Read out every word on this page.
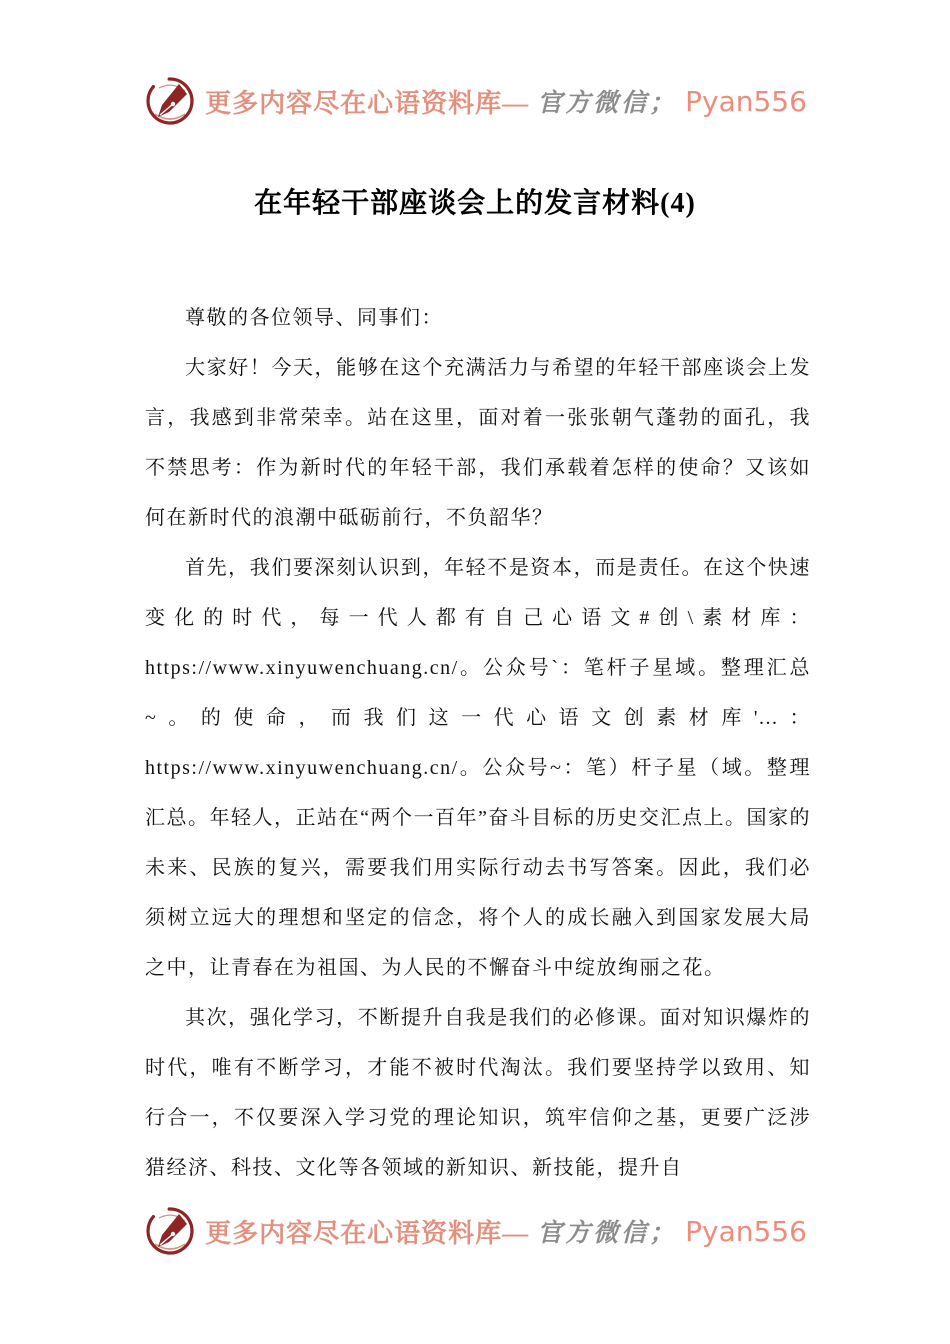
更多内容尽在心语资料库— 官方微信； Pyan556
在年轻干部座谈会上的发言材料(4)

尊敬的各位领导、同事们：

大家好！今天，能够在这个充满活力与希望的年轻干部座谈会上发言，我感到非常荣幸。站在这里，面对着一张张朝气蓬勃的面孔，我不禁思考：作为新时代的年轻干部，我们承载着怎样的使命？又该如何在新时代的浪潮中砥砺前行，不负韶华？

首先，我们要深刻认识到，年轻不是资本，而是责任。在这个快速变化的时代，每一代人都有自己心语文#创\素材库：https://www.xinyuwenchuang.cn/。公众号`：笔杆子星域。整理汇总~。的使命，而我们这一代心语文创素材库'...：https://www.xinyuwenchuang.cn/。公众号~：笔）杆子星（域。整理汇总。年轻人，正站在“两个一百年”奋斗目标的历史交汇点上。国家的未来、民族的复兴，需要我们用实际行动去书写答案。因此，我们必须树立远大的理想和坚定的信念，将个人的成长融入到国家发展大局之中，让青春在为祖国、为人民的不懈奋斗中绽放绚丽之花。

其次，强化学习，不断提升自我是我们的必修课。面对知识爆炸的时代，唯有不断学习，才能不被时代淘汰。我们要坚持学以致用、知行合一，不仅要深入学习党的理论知识，筑牢信仰之基，更要广泛涉猎经济、科技、文化等各领域的新知识、新技能，提升自

更多内容尽在心语资料库— 官方微信； Pyan556
